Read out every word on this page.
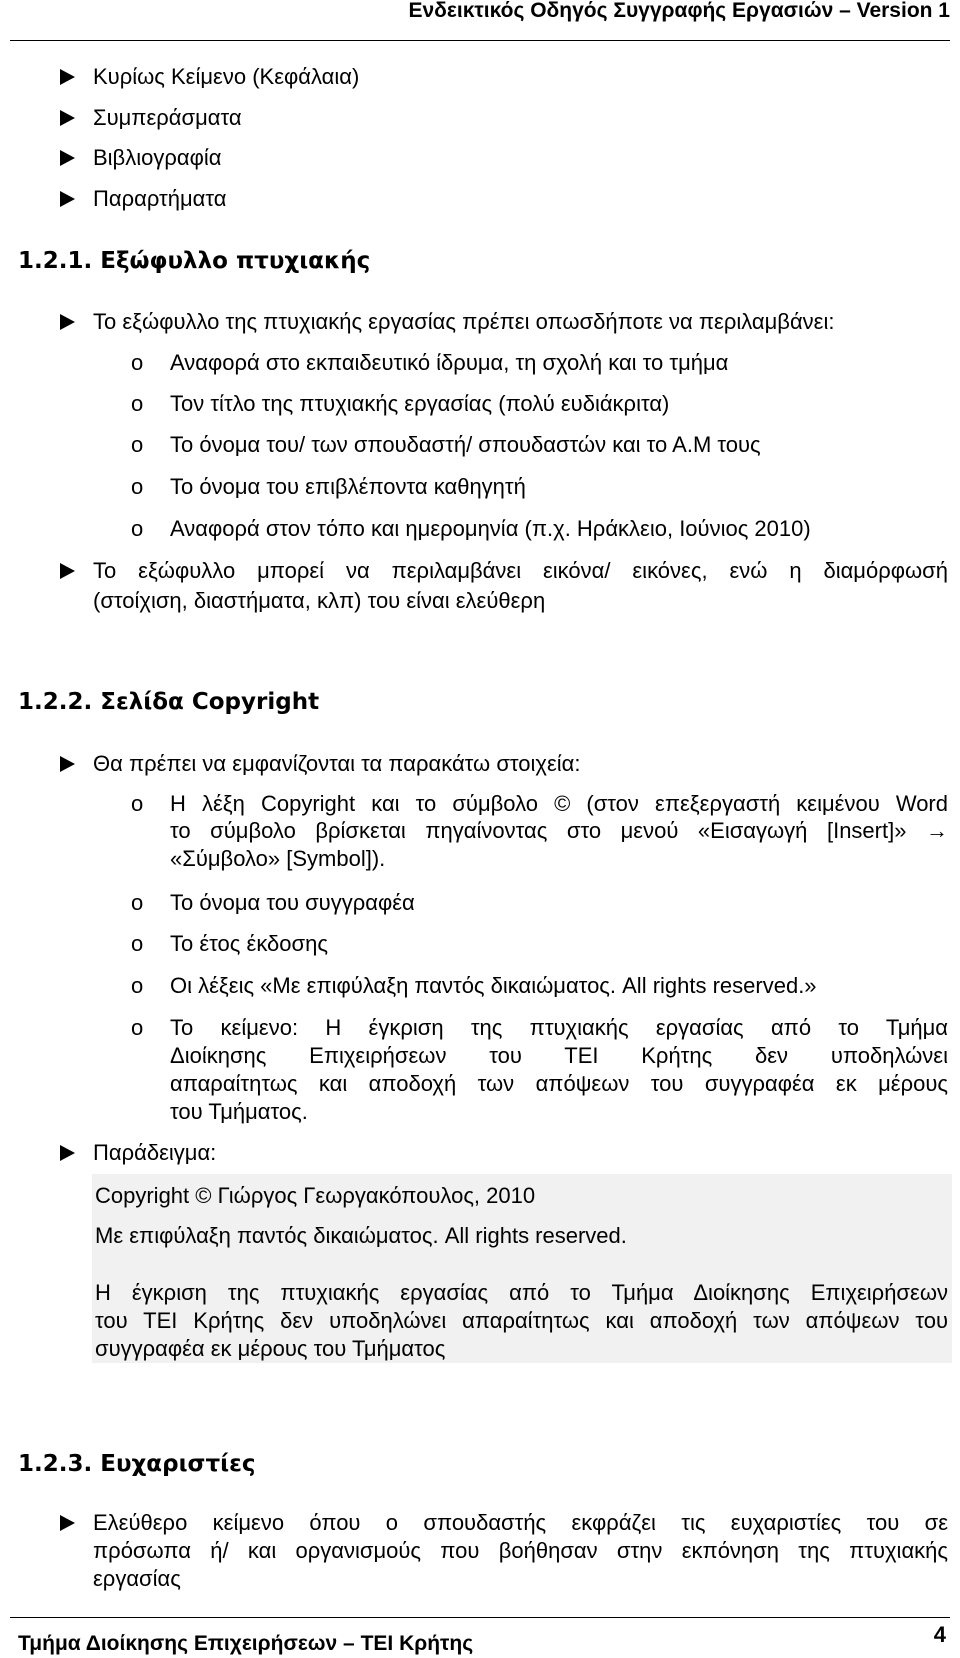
Ενδεικτικός Οδηγός Συγγραφής Εργασιών – Version 1
Κυρίως Κείμενο (Κεφάλαια)
Συμπεράσματα
Βιβλιογραφία
Παραρτήματα
1.2.1. Εξώφυλλο πτυχιακής
Το εξώφυλλο της πτυχιακής εργασίας πρέπει οπωσδήποτε να περιλαμβάνει:
o Αναφορά στο εκπαιδευτικό ίδρυμα, τη σχολή και το τμήμα
o Τον τίτλο της πτυχιακής εργασίας (πολύ ευδιάκριτα)
o Το όνομα του/ των σπουδαστή/ σπουδαστών και το Α.Μ τους
o Το όνομα του επιβλέποντα καθηγητή
o Αναφορά στον τόπο και ημερομηνία (π.χ. Ηράκλειο, Ιούνιος 2010)
Το εξώφυλλο μπορεί να περιλαμβάνει εικόνα/ εικόνες, ενώ η διαμόρφωσή
(στοίχιση, διαστήματα, κλπ) του είναι ελεύθερη
1.2.2. Σελίδα Copyright
Θα πρέπει να εμφανίζονται τα παρακάτω στοιχεία:
o Η λέξη Copyright και το σύμβολο © (στον επεξεργαστή κειμένου Word
το σύμβολο βρίσκεται πηγαίνοντας στο μενού «Εισαγωγή [Insert]» →
«Σύμβολο» [Symbol]).
o Το όνομα του συγγραφέα
o Το έτος έκδοσης
o Οι λέξεις «Με επιφύλαξη παντός δικαιώματος. All rights reserved.»
o Το κείμενο: Η έγκριση της πτυχιακής εργασίας από το Τμήμα
Διοίκησης Επιχειρήσεων του ΤΕΙ Κρήτης δεν υποδηλώνει
απαραίτητως και αποδοχή των απόψεων του συγγραφέα εκ μέρους
του Τμήματος.
Παράδειγμα:
Copyright © Γιώργος Γεωργακόπουλος, 2010
Με επιφύλαξη παντός δικαιώματος. All rights reserved.
Η έγκριση της πτυχιακής εργασίας από το Τμήμα Διοίκησης Επιχειρήσεων
του ΤΕΙ Κρήτης δεν υποδηλώνει απαραίτητως και αποδοχή των απόψεων του
συγγραφέα εκ μέρους του Τμήματος
1.2.3. Ευχαριστίες
Ελεύθερο κείμενο όπου ο σπουδαστής εκφράζει τις ευχαριστίες του σε
πρόσωπα ή/ και οργανισμούς που βοήθησαν στην εκπόνηση της πτυχιακής
εργασίας
Τμήμα Διοίκησης Επιχειρήσεων – ΤΕΙ Κρήτης	4
